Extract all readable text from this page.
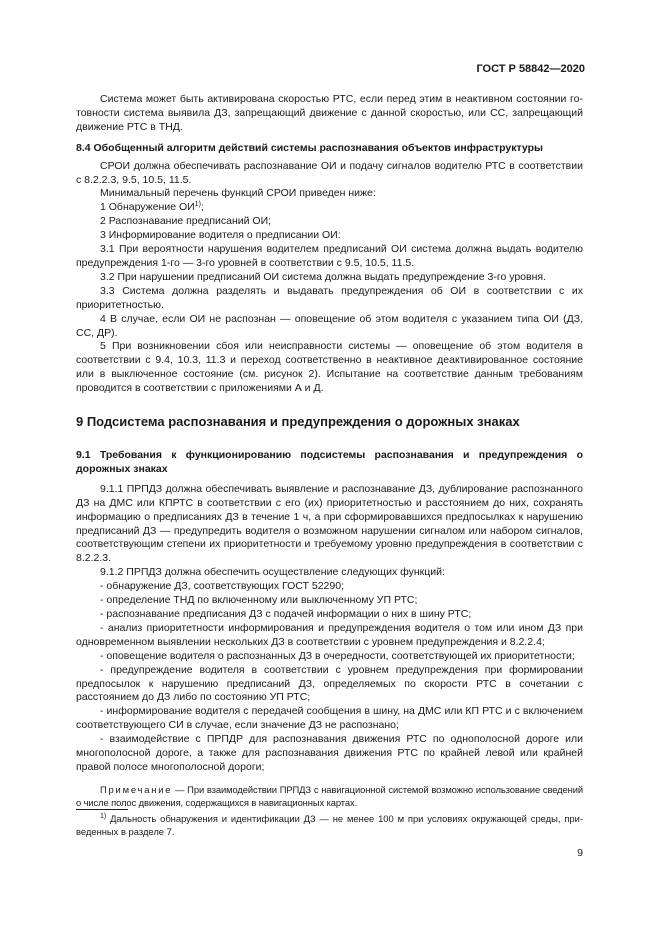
ГОСТ Р 58842—2020

Система может быть активирована скоростью РТС, если перед этим в неактивном состоянии готовности система выявила ДЗ, запрещающий движение с данной скоростью, или СС, запрещающий движение РТС в ТНД.

8.4 Обобщенный алгоритм действий системы распознавания объектов инфраструктуры

СРОИ должна обеспечивать распознавание ОИ и подачу сигналов водителю РТС в соответствии с 8.2.2.3, 9.5, 10.5, 11.5.

Минимальный перечень функций СРОИ приведен ниже:

1 Обнаружение ОИ$^{1)}$;

2 Распознавание предписаний ОИ;

3 Информирование водителя о предписании ОИ:

3.1 При вероятности нарушения водителем предписаний ОИ система должна выдать водителю предупреждения 1-го — 3-го уровней в соответствии с 9.5, 10.5, 11.5.

3.2 При нарушении предписаний ОИ система должна выдать предупреждение 3-го уровня.

3.3 Система должна разделять и выдавать предупреждения об ОИ в соответствии с их приоритетностью.

4 В случае, если ОИ не распознан — оповещение об этом водителя с указанием типа ОИ (ДЗ, СС, ДР).

5 При возникновении сбоя или неисправности системы — оповещение об этом водителя в соответствии с 9.4, 10.3, 11.3 и переход соответственно в неактивное деактивированное состояние или в выключенное состояние (см. рисунок 2). Испытание на соответствие данным требованиям проводится в соответствии с приложениями А и Д.

9 Подсистема распознавания и предупреждения о дорожных знаках
9.1 Требования к функционированию подсистемы распознавания и предупреждения о дорожных знаках

9.1.1 ПРПДЗ должна обеспечивать выявление и распознавание ДЗ, дублирование распознанного ДЗ на ДМС или КПРТС в соответствии с его (их) приоритетностью и расстоянием до них, сохранять информацию о предписаниях ДЗ в течение 1 ч, а при сформировавшихся предпосылках к нарушению предписаний ДЗ — предупредить водителя о возможном нарушении сигналом или набором сигналов, соответствующим степени их приоритетности и требуемому уровню предупреждения в соответствии с 8.2.2.3.

9.1.2 ПРПДЗ должна обеспечить осуществление следующих функций:

- обнаружение ДЗ, соответствующих ГОСТ 52290;

- определение ТНД по включенному или выключенному УП РТС;

- распознавание предписания ДЗ с подачей информации о них в шину РТС;

- анализ приоритетности информирования и предупреждения водителя о том или ином ДЗ при одновременном выявлении нескольких ДЗ в соответствии с уровнем предупреждения и 8.2.2.4;

- оповещение водителя о распознанных ДЗ в очередности, соответствующей их приоритетности;

- предупреждение водителя в соответствии с уровнем предупреждения при формировании предпосылок к нарушению предписаний ДЗ, определяемых по скорости РТС в сочетании с расстоянием до ДЗ либо по состоянию УП РТС;

- информирование водителя с передачей сообщения в шину, на ДМС или КП РТС и с включением соответствующего СИ в случае, если значение ДЗ не распознано;

- взаимодействие с ПРПДР для распознавания движения РТС по однополосной дороге или многополосной дороге, а также для распознавания движения РТС по крайней левой или крайней правой полосе многополосной дороги;

Примечание — При взаимодействии ПРПДЗ с навигационной системой возможно использование сведений о числе полос движения, содержащихся в навигационных картах.

$^{1)}$ Дальность обнаружения и идентификации ДЗ — не менее 100 м при условиях окружающей среды, приведенных в разделе 7.

9
